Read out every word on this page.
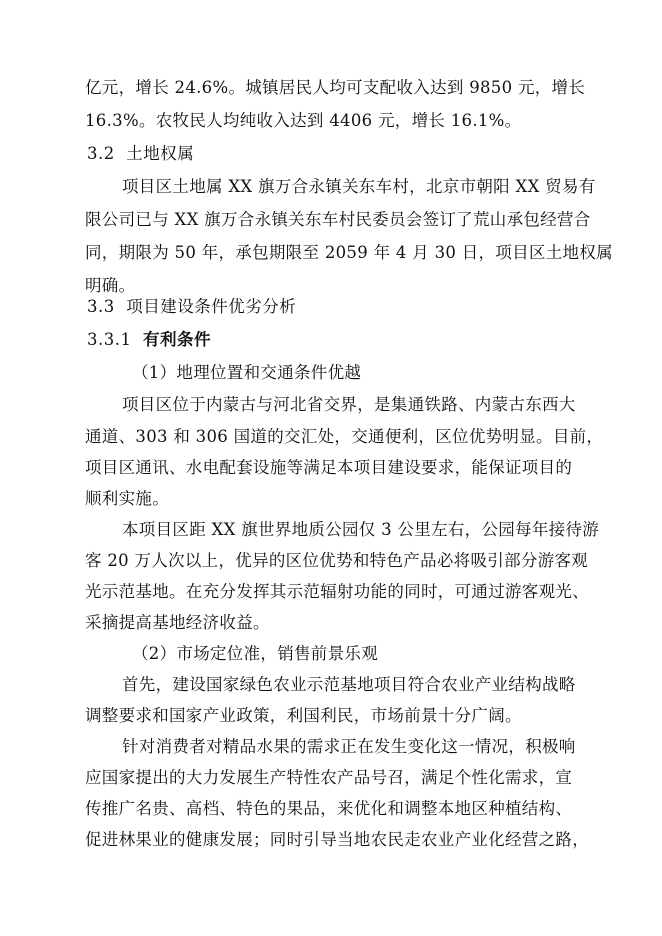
亿元，增长 24.6%。城镇居民人均可支配收入达到 9850 元，增长
16.3%。农牧民人均纯收入达到 4406 元，增长 16.1%。
3.2 土地权属
项目区土地属 XX 旗万合永镇关东车村，北京市朝阳 XX 贸易有
限公司已与 XX 旗万合永镇关东车村民委员会签订了荒山承包经营合
同，期限为 50 年，承包期限至 2059 年 4 月 30 日，项目区土地权属
明确。
3.3 项目建设条件优劣分析
3.3.1 有利条件
（1）地理位置和交通条件优越
项目区位于内蒙古与河北省交界，是集通铁路、内蒙古东西大
通道、303 和 306 国道的交汇处，交通便利，区位优势明显。目前，
项目区通讯、水电配套设施等满足本项目建设要求，能保证项目的
顺利实施。
本项目区距 XX 旗世界地质公园仅 3 公里左右，公园每年接待游
客 20 万人次以上，优异的区位优势和特色产品必将吸引部分游客观
光示范基地。在充分发挥其示范辐射功能的同时，可通过游客观光、
采摘提高基地经济收益。
（2）市场定位准，销售前景乐观
首先，建设国家绿色农业示范基地项目符合农业产业结构战略
调整要求和国家产业政策，利国利民，市场前景十分广阔。
针对消费者对精品水果的需求正在发生变化这一情况，积极响
应国家提出的大力发展生产特性农产品号召，满足个性化需求，宣
传推广名贵、高档、特色的果品，来优化和调整本地区种植结构、
促进林果业的健康发展；同时引导当地农民走农业产业化经营之路，
